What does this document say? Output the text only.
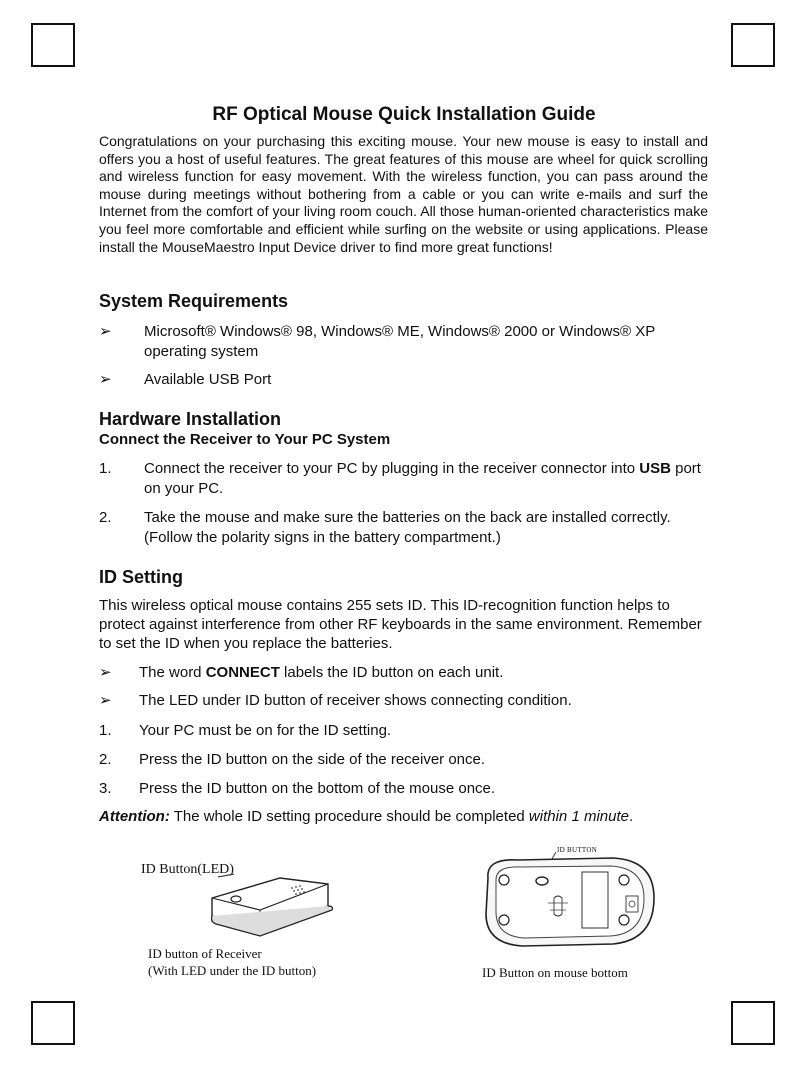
RF Optical Mouse Quick Installation Guide

Congratulations on your purchasing this exciting mouse. Your new mouse is easy to install and offers you a host of useful features. The great features of this mouse are wheel for quick scrolling and wireless function for easy movement. With the wireless function, you can pass around the mouse during meetings without bothering from a cable or you can write e-mails and surf the Internet from the comfort of your living room couch. All those human-oriented characteristics make you feel more comfortable and efficient while surfing on the website or using applications. Please install the MouseMaestro Input Device driver to find more great functions!

System Requirements
➢	Microsoft® Windows® 98, Windows® ME, Windows® 2000 or Windows® XP operating system
➢	Available USB Port
Hardware Installation
Connect the Receiver to Your PC System
1.	Connect the receiver to your PC by plugging in the receiver connector into USB port on your PC.
2.	Take the mouse and make sure the batteries on the back are installed correctly. (Follow the polarity signs in the battery compartment.)
ID Setting

This wireless optical mouse contains 255 sets ID. This ID-recognition function helps to protect against interference from other RF keyboards in the same environment. Remember to set the ID when you replace the batteries.

➢	The word CONNECT labels the ID button on each unit.
➢	The LED under ID button of receiver shows connecting condition.
1.	Your PC must be on for the ID setting.
2.	Press the ID button on the side of the receiver once.
3.	Press the ID button on the bottom of the mouse once.
Attention: The whole ID setting procedure should be completed within 1 minute.
ID Button(LED)
ID button of Receiver
(With LED under the ID button)
ID BUTTON
ID Button on mouse bottom
